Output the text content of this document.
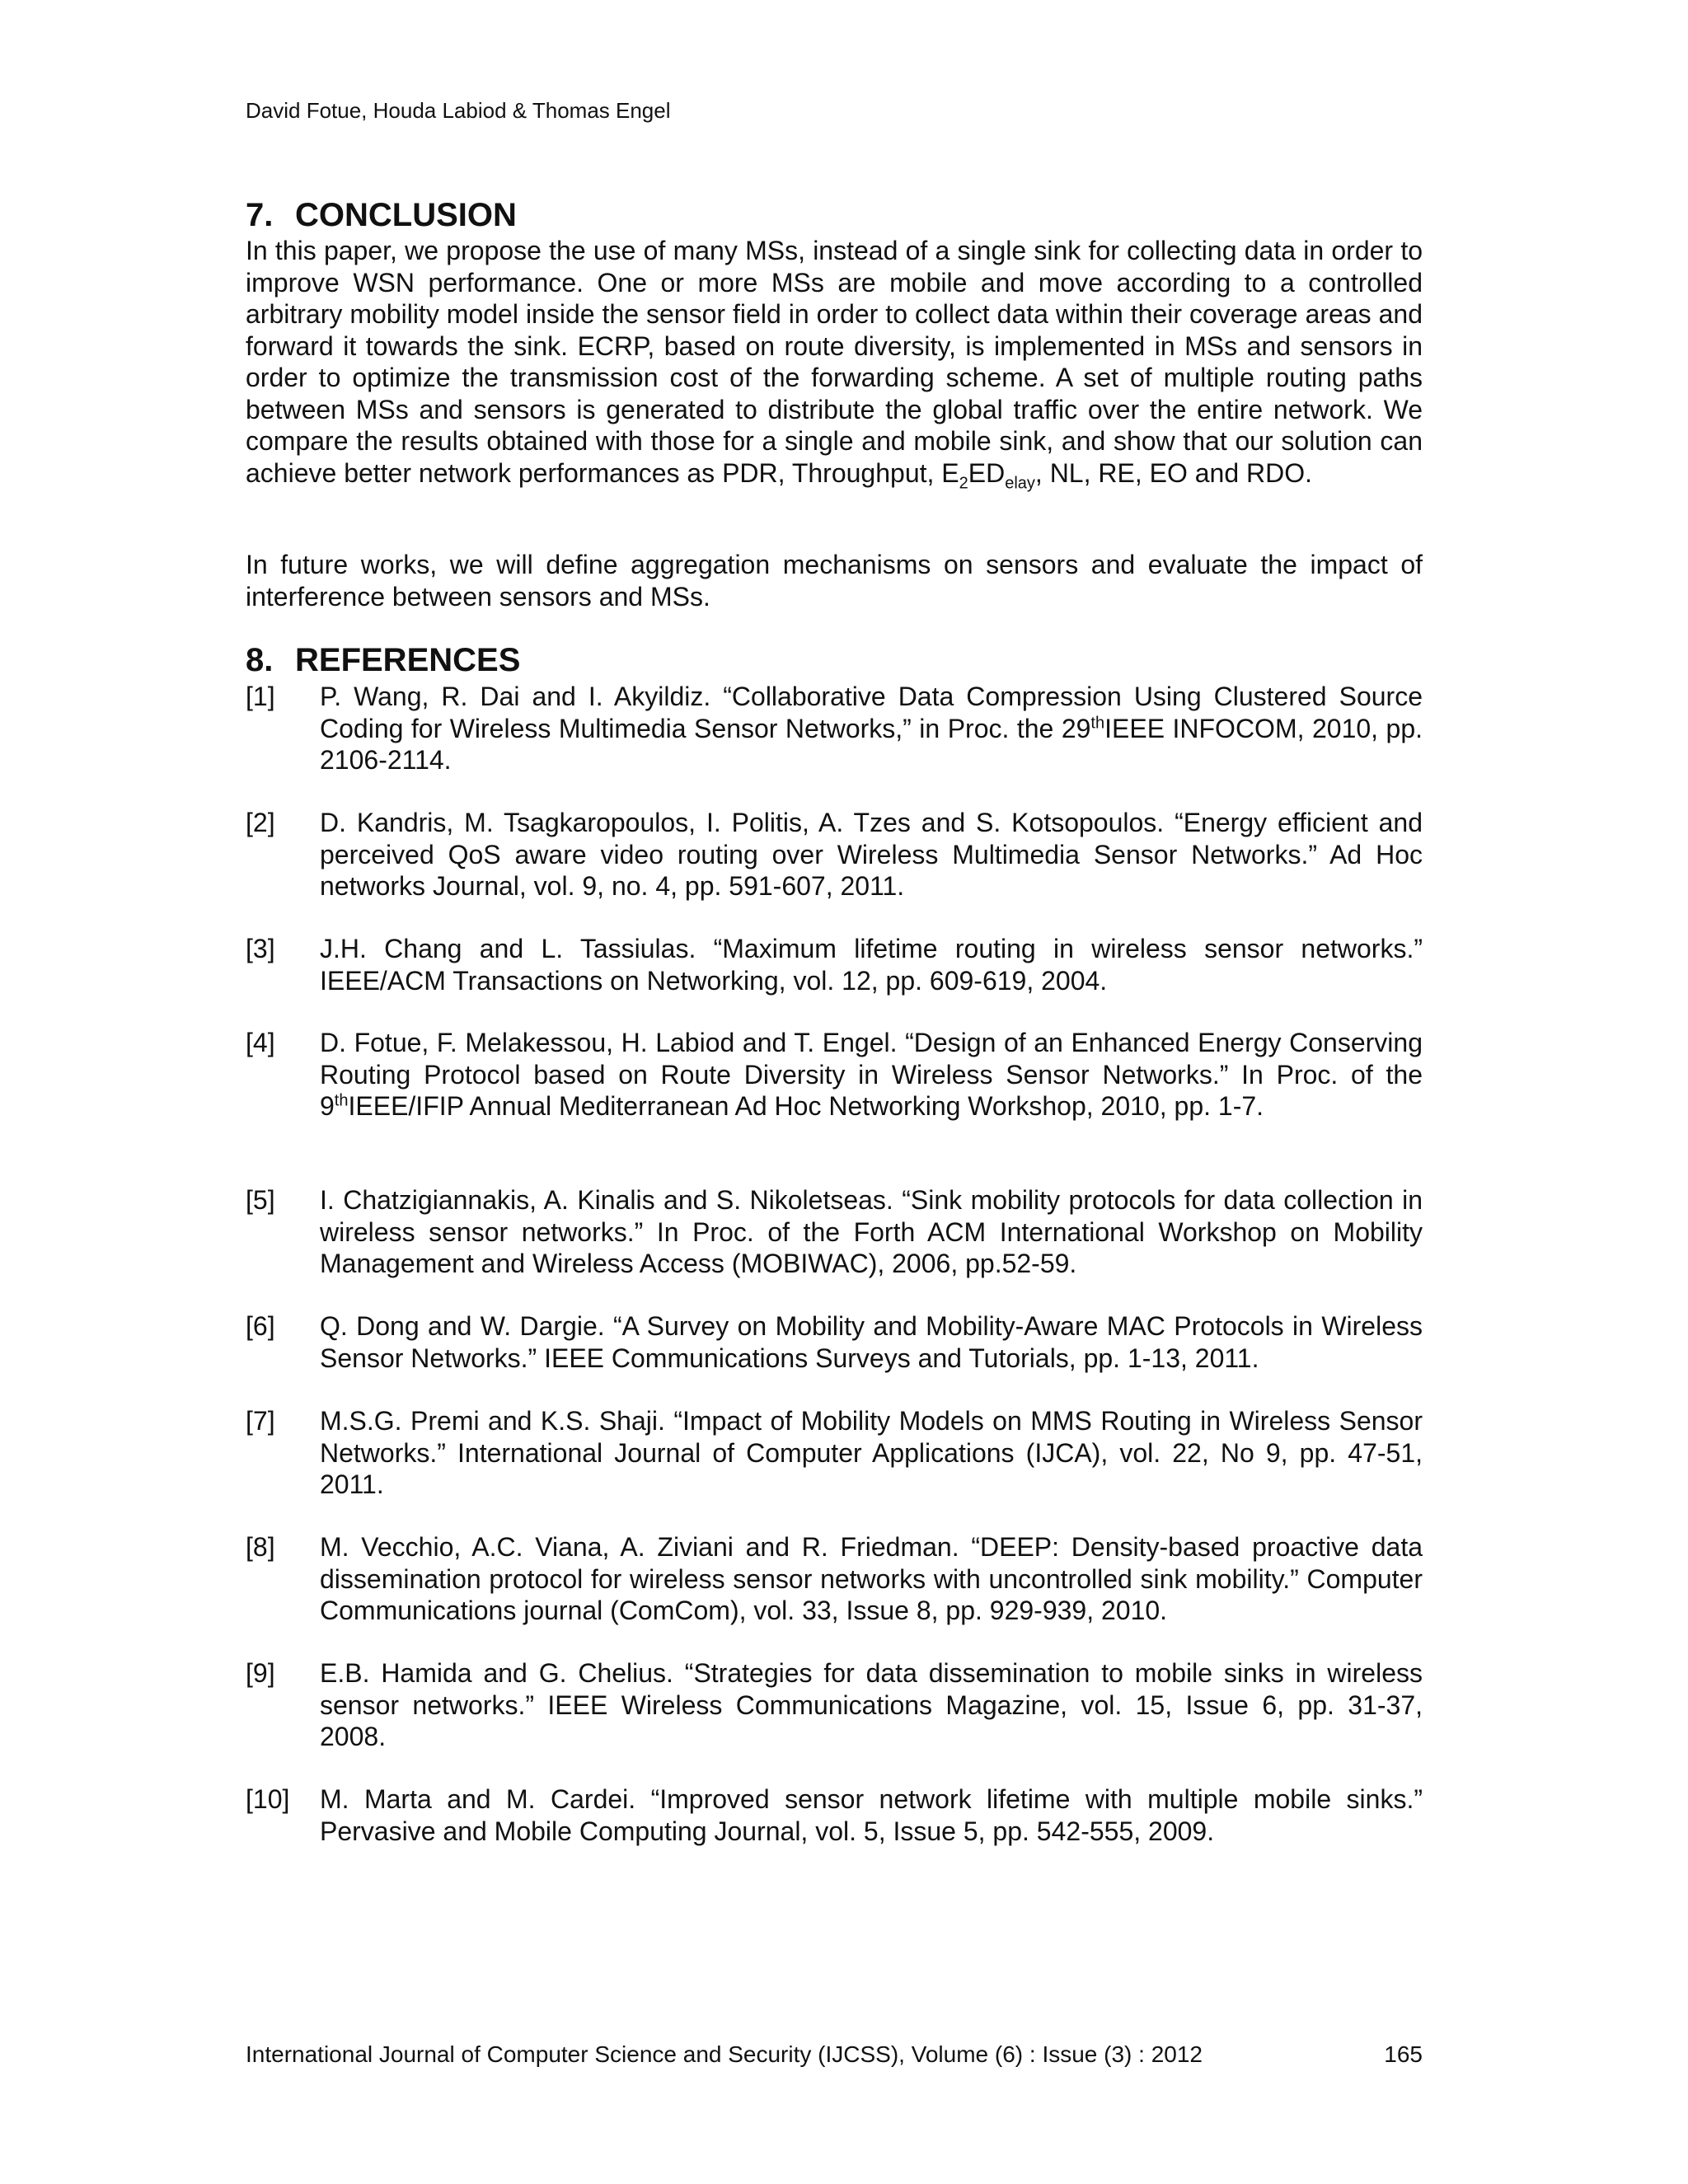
David Fotue, Houda Labiod & Thomas Engel
7. CONCLUSION

In this paper, we propose the use of many MSs, instead of a single sink for collecting data in order to improve WSN performance. One or more MSs are mobile and move according to a controlled arbitrary mobility model inside the sensor field in order to collect data within their coverage areas and forward it towards the sink. ECRP, based on route diversity, is implemented in MSs and sensors in order to optimize the transmission cost of the forwarding scheme. A set of multiple routing paths between MSs and sensors is generated to distribute the global traffic over the entire network. We compare the results obtained with those for a single and mobile sink, and show that our solution can achieve better network performances as PDR, Throughput, $E_2ED_{elay}$, NL, RE, EO and RDO.

In future works, we will define aggregation mechanisms on sensors and evaluate the impact of interference between sensors and MSs.

8. REFERENCES
[1] P. Wang, R. Dai and I. Akyildiz. “Collaborative Data Compression Using Clustered Source Coding for Wireless Multimedia Sensor Networks,” in Proc. the 29thIEEE INFOCOM, 2010, pp. 2106-2114.
[2] D. Kandris, M. Tsagkaropoulos, I. Politis, A. Tzes and S. Kotsopoulos. “Energy efficient and perceived QoS aware video routing over Wireless Multimedia Sensor Networks.” Ad Hoc networks Journal, vol. 9, no. 4, pp. 591-607, 2011.
[3] J.H. Chang and L. Tassiulas. “Maximum lifetime routing in wireless sensor networks.” IEEE/ACM Transactions on Networking, vol. 12, pp. 609-619, 2004.
[4] D. Fotue, F. Melakessou, H. Labiod and T. Engel. “Design of an Enhanced Energy Conserving Routing Protocol based on Route Diversity in Wireless Sensor Networks.” In Proc. of the 9thIEEE/IFIP Annual Mediterranean Ad Hoc Networking Workshop, 2010, pp. 1-7.
[5] I. Chatzigiannakis, A. Kinalis and S. Nikoletseas. “Sink mobility protocols for data collection in wireless sensor networks.” In Proc. of the Forth ACM International Workshop on Mobility Management and Wireless Access (MOBIWAC), 2006, pp.52-59.
[6] Q. Dong and W. Dargie. “A Survey on Mobility and Mobility-Aware MAC Protocols in Wireless Sensor Networks.” IEEE Communications Surveys and Tutorials, pp. 1-13, 2011.
[7] M.S.G. Premi and K.S. Shaji. “Impact of Mobility Models on MMS Routing in Wireless Sensor Networks.” International Journal of Computer Applications (IJCA), vol. 22, No 9, pp. 47-51, 2011.
[8] M. Vecchio, A.C. Viana, A. Ziviani and R. Friedman. “DEEP: Density-based proactive data dissemination protocol for wireless sensor networks with uncontrolled sink mobility.” Computer Communications journal (ComCom), vol. 33, Issue 8, pp. 929-939, 2010.
[9] E.B. Hamida and G. Chelius. “Strategies for data dissemination to mobile sinks in wireless sensor networks.” IEEE Wireless Communications Magazine, vol. 15, Issue 6, pp. 31-37, 2008.
[10] M. Marta and M. Cardei. “Improved sensor network lifetime with multiple mobile sinks.” Pervasive and Mobile Computing Journal, vol. 5, Issue 5, pp. 542-555, 2009.
International Journal of Computer Science and Security (IJCSS), Volume (6) : Issue (3) : 2012	165
